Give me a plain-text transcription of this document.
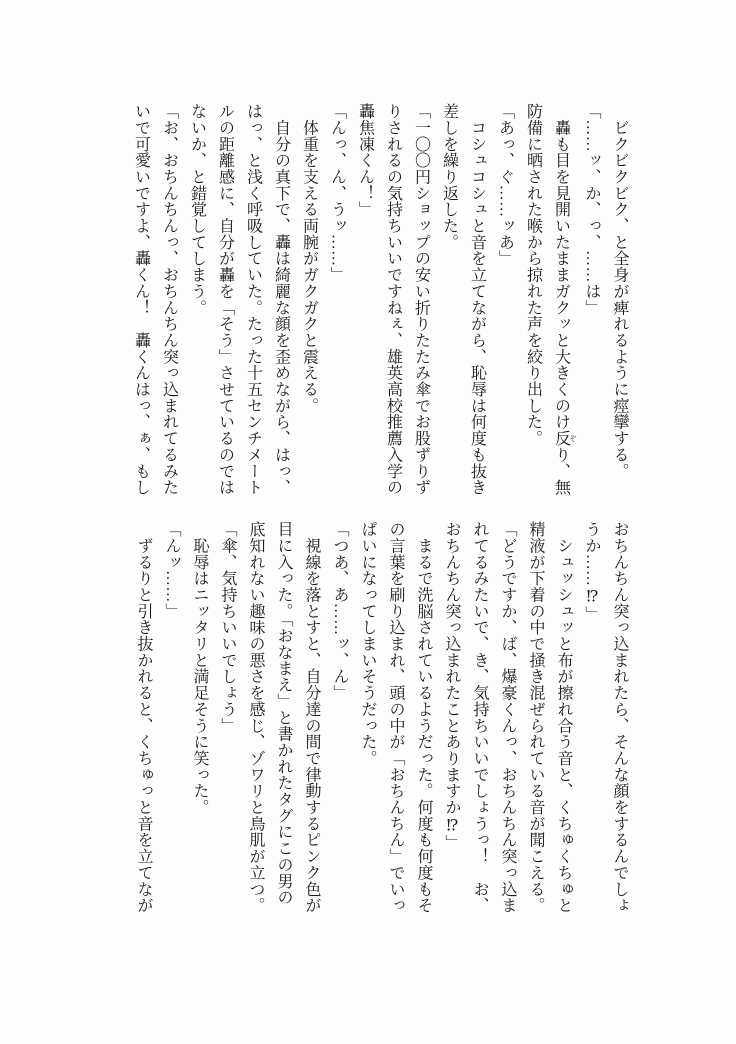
　ビクビクビク、と全身が痺れるように痙攣する。
「……ッ、か、っ、……は」
　轟も目を見開いたままガクッと大きくのけ反 ぞり、無
防備に晒された喉から掠れた声を絞り出した。
「あっ、ぐ……ッあ」
　コシュコシュと音を立てながら、恥辱は何度も抜き
差しを繰り返した。
「一〇〇円ショップの安い折りたたみ傘でお股ずりず
りされるの気持ちいいですねぇ、雄英高校推薦入学の
轟焦凍くん！」
「んっ、ん、うッ……」
　体重を支える両腕がガクガクと震える。
　自分の真下で、轟は綺麗な顔を歪めながら、はっ、
はっ、と浅く呼吸していた。たった十五センチメート
ルの距離感に、自分が轟を「そう」させているのでは
ないか、と錯覚してしまう。
「お、おちんちんっ、おちんちん突っ込まれてるみた
いで可愛いですよ、轟くん！　轟くんはっ、ぁ、もし
おちんちん突っ込まれたら、そんな顔をするんでしょ
うか……⁉」
　シュッシュッと布が擦れ合う音と、くちゅくちゅと
精液が下着の中で掻き混ぜられている音が聞こえる。
「どうですか、ば、爆豪くんっ、おちんちん突っ込ま
れてるみたいで、き、気持ちいいでしょうっ！　お、
おちんちん突っ込まれたことありますか⁉」
　まるで洗脳されているようだった。何度も何度もそ
の言葉を刷り込まれ、頭の中が「おちんちん」でいっ
ぱいになってしまいそうだった。
「つあ、あ……ッ、ん」
　視線を落とすと、自分達の間で律動するピンク色が
目に入った。「おなまえ」と書かれたタグにこの男の
底知れない趣味の悪さを感じ、ゾワリと鳥肌が立つ。
「傘、気持ちいいでしょう」
　恥辱はニッタリと満足そうに笑った。
「んッ……」
　ずるりと引き抜かれると、くちゅっと音を立てなが
